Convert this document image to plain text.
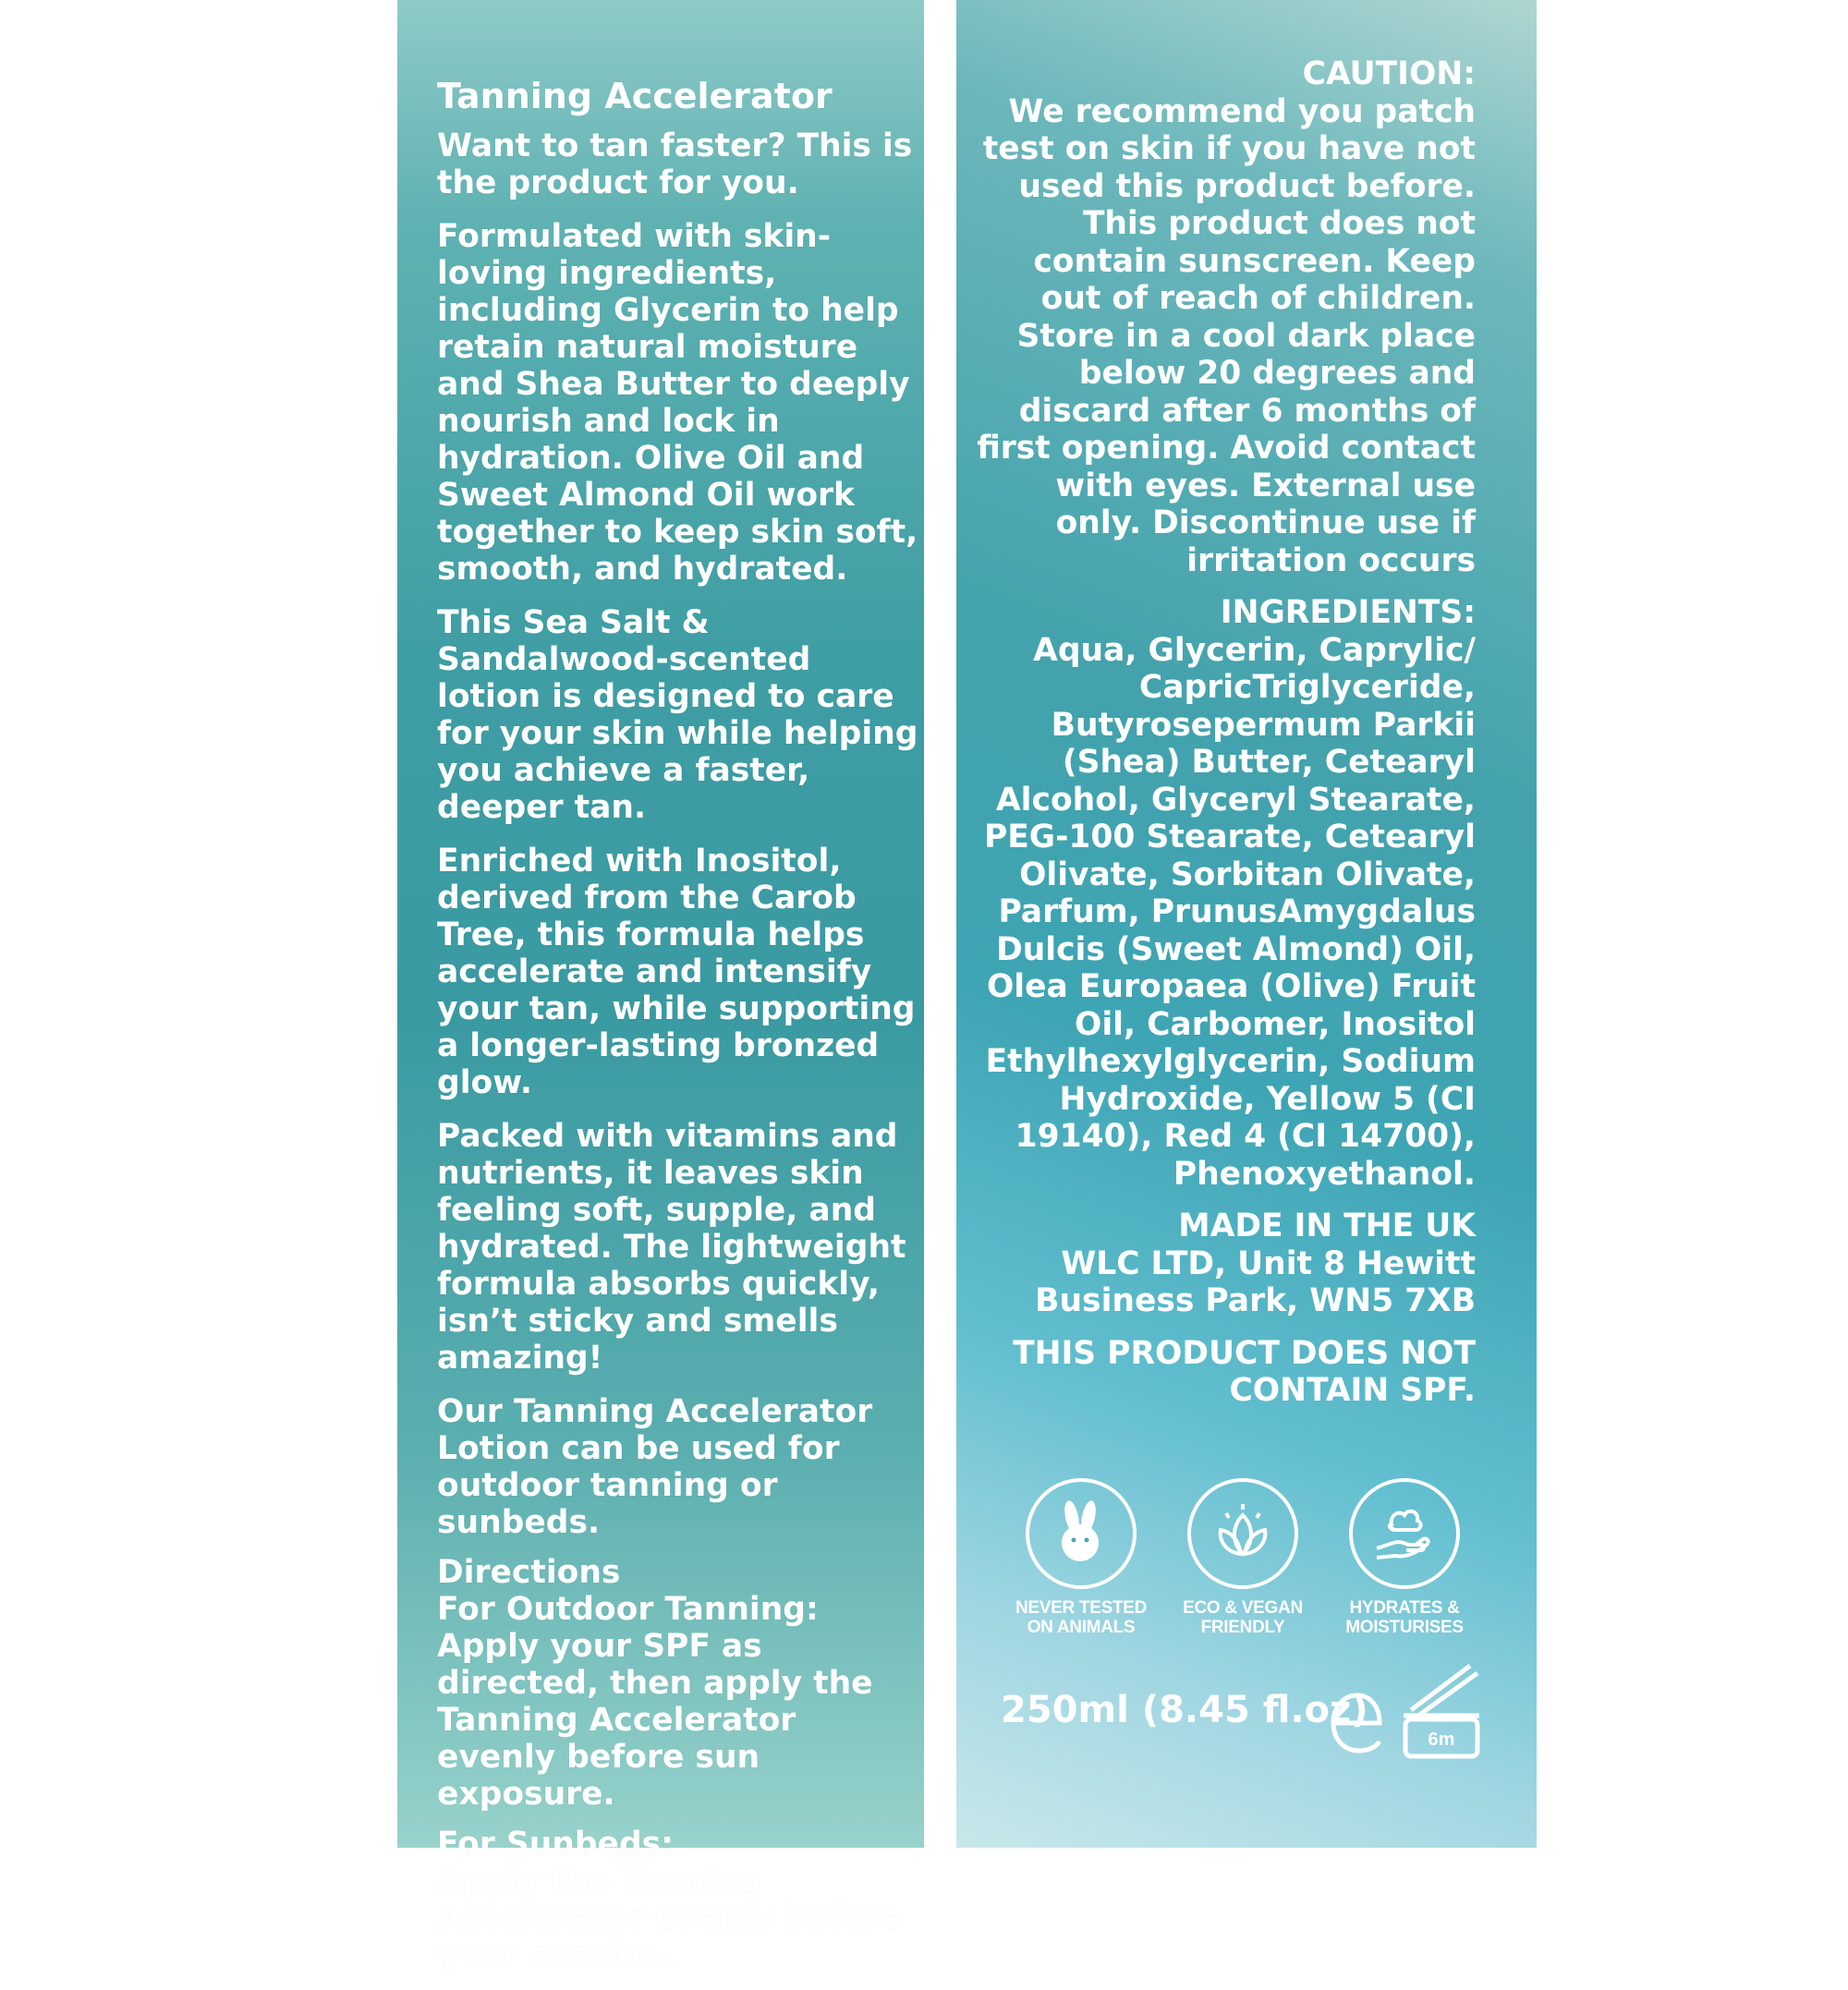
Tanning Accelerator

Want to tan faster? This is the product for you.

Formulated with skin-loving ingredients, including Glycerin to help retain natural moisture and Shea Butter to deeply nourish and lock in hydration. Olive Oil and Sweet Almond Oil work together to keep skin soft, smooth, and hydrated.

This Sea Salt & Sandalwood-scented lotion is designed to care for your skin while helping you achieve a faster, deeper tan.

Enriched with Inositol, derived from the Carob Tree, this formula helps accelerate and intensify your tan, while supporting a longer-lasting bronzed glow.

Packed with vitamins and nutrients, it leaves skin feeling soft, supple, and hydrated. The lightweight formula absorbs quickly, isn’t sticky and smells amazing!

Our Tanning Accelerator Lotion can be used for outdoor tanning or sunbeds.

Directions
For Outdoor Tanning:

Apply your SPF as directed, then apply the Tanning Accelerator evenly before sun exposure.

For Sunbeds:

Apply the Tanning Accelerator evenly before your session.

CAUTION:

We recommend you patch test on skin if you have not used this product before. This product does not contain sunscreen. Keep out of reach of children. Store in a cool dark place below 20 degrees and discard after 6 months of first opening. Avoid contact with eyes. External use only. Discontinue use if irritation occurs

INGREDIENTS:

Aqua, Glycerin, Caprylic/ CapricTriglyceride, Butyrosepermum Parkii (Shea) Butter, Cetearyl Alcohol, Glyceryl Stearate, PEG-100 Stearate, Cetearyl Olivate, Sorbitan Olivate, Parfum, PrunusAmygdalus Dulcis (Sweet Almond) Oil, Olea Europaea (Olive) Fruit Oil, Carbomer, Inositol Ethylhexylglycerin, Sodium Hydroxide, Yellow 5 (CI 19140), Red 4 (CI 14700), Phenoxyethanol.

MADE IN THE UK

WLC LTD, Unit 8 Hewitt Business Park, WN5 7XB

THIS PRODUCT DOES NOT CONTAIN SPF.

NEVER TESTED ON ANIMALS
ECO & VEGAN FRIENDLY
HYDRATES & MOISTURISES
250ml (8.45 fl.oz)
6m
